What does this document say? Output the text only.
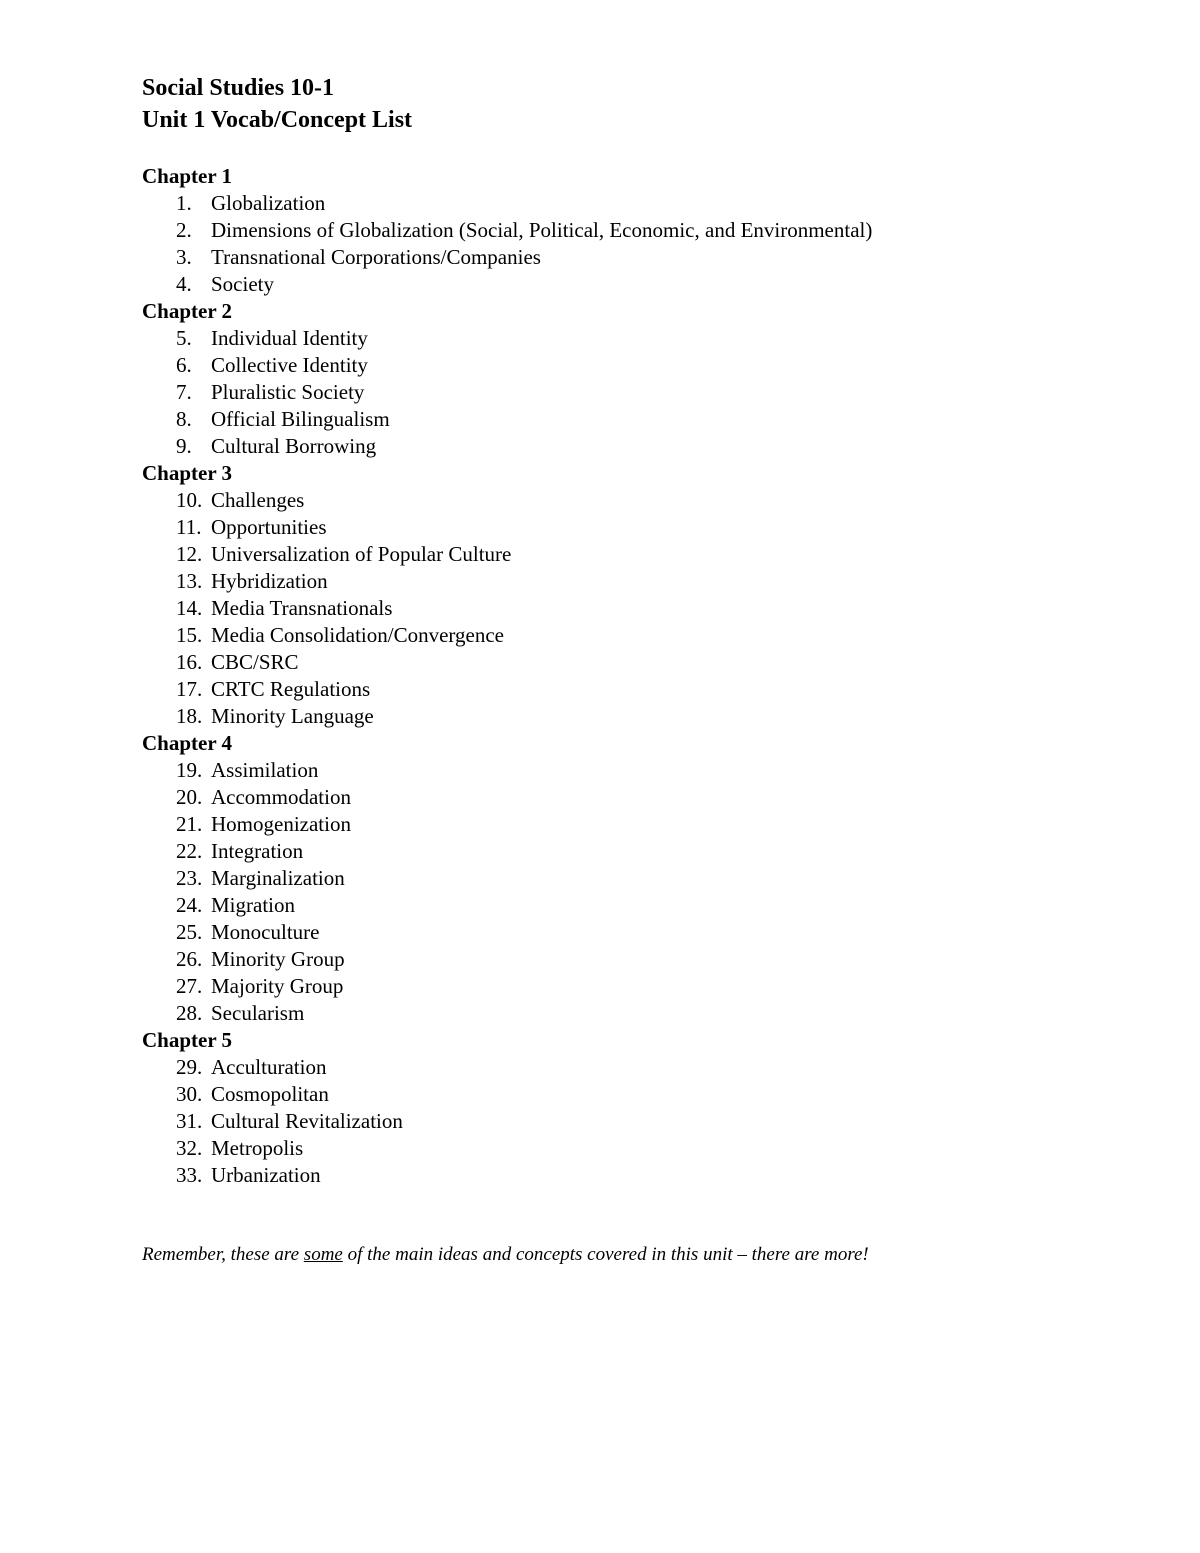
Social Studies 10-1
Unit 1 Vocab/Concept List
Chapter 1
1. Globalization
2. Dimensions of Globalization (Social, Political, Economic, and Environmental)
3. Transnational Corporations/Companies
4. Society
Chapter 2
5. Individual Identity
6. Collective Identity
7. Pluralistic Society
8. Official Bilingualism
9. Cultural Borrowing
Chapter 3
10. Challenges
11. Opportunities
12. Universalization of Popular Culture
13. Hybridization
14. Media Transnationals
15. Media Consolidation/Convergence
16. CBC/SRC
17. CRTC Regulations
18. Minority Language
Chapter 4
19. Assimilation
20. Accommodation
21. Homogenization
22. Integration
23. Marginalization
24. Migration
25. Monoculture
26. Minority Group
27. Majority Group
28. Secularism
Chapter 5
29. Acculturation
30. Cosmopolitan
31. Cultural Revitalization
32. Metropolis
33. Urbanization
Remember, these are some of the main ideas and concepts covered in this unit – there are more!
